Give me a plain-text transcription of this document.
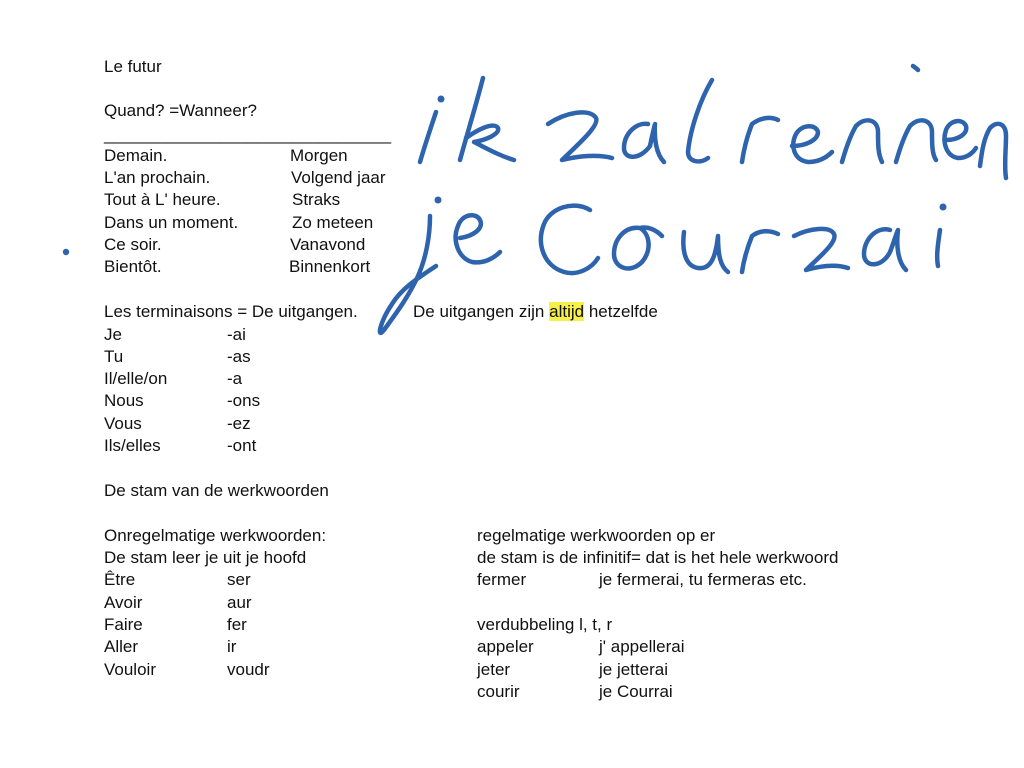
Le futur
Quand? =Wanneer?
________________________________
Demain.	Morgen
L'an prochain.	Volgend jaar
Tout à L' heure.	Straks
Dans un moment.	Zo meteen
Ce soir.	Vanavond
Bientôt.	Binnenkort
Les terminaisons = De uitgangen.	De uitgangen zijn altijd hetzelfde
Je	-ai
Tu	-as
Il/elle/on	-a
Nous	-ons
Vous	-ez
Ils/elles	-ont
De stam van de werkwoorden
Onregelmatige werkwoorden:
De stam leer je uit je hoofd
Être	ser
Avoir	aur
Faire	fer
Aller	ir
Vouloir	voudr
regelmatige werkwoorden op er
de stam is de infinitif= dat is het hele werkwoord
fermer	je fermerai, tu fermeras etc.
verdubbeling l, t, r
appeler	j' appellerai
jeter	je jetterai
courir	je Courrai
